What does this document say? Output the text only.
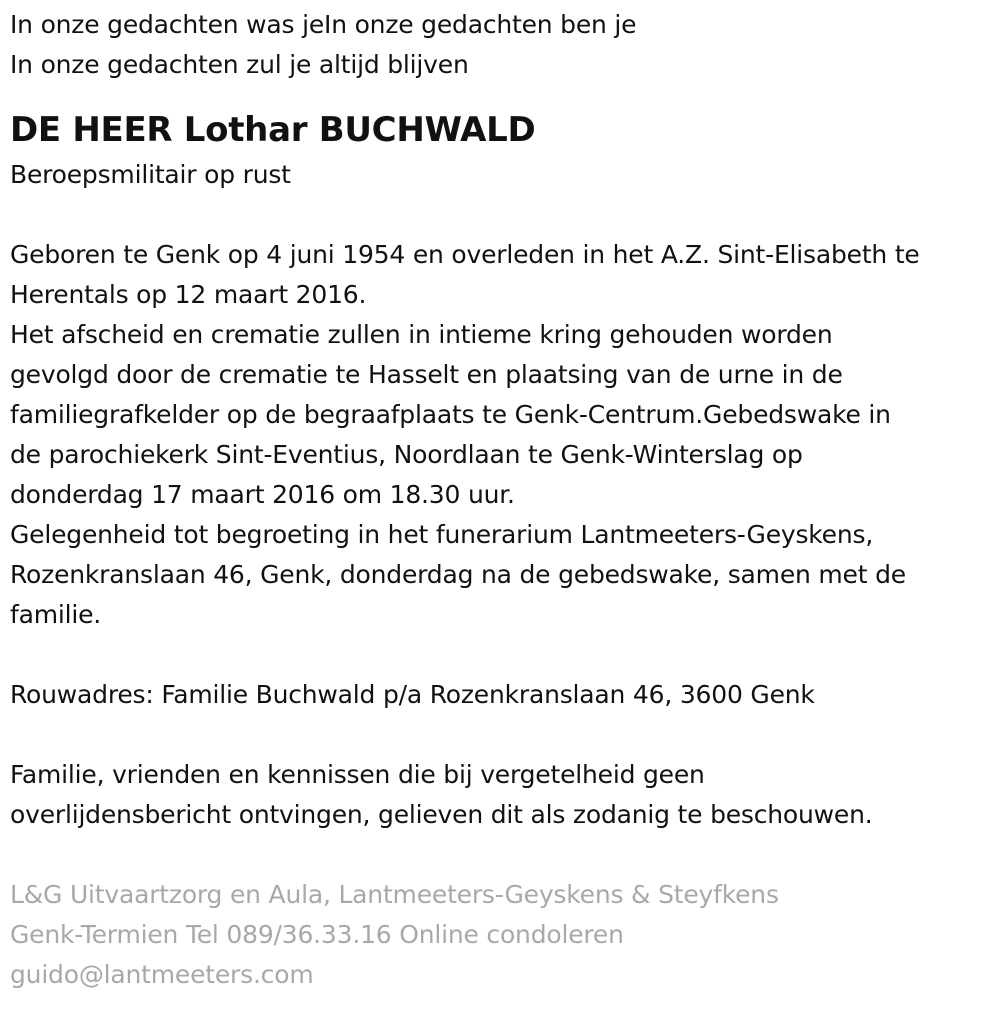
In onze gedachten was jeIn onze gedachten ben je
In onze gedachten zul je altijd blijven
DE HEER Lothar BUCHWALD
Beroepsmilitair op rust
Geboren te Genk op 4 juni 1954 en overleden in het A.Z. Sint-Elisabeth te
Herentals op 12 maart 2016.
Het afscheid en crematie zullen in intieme kring gehouden worden
gevolgd door de crematie te Hasselt en plaatsing van de urne in de
familiegrafkelder op de begraafplaats te Genk-Centrum.Gebedswake in
de parochiekerk Sint-Eventius, Noordlaan te Genk-Winterslag op
donderdag 17 maart 2016 om 18.30 uur.
Gelegenheid tot begroeting in het funerarium Lantmeeters-Geyskens,
Rozenkranslaan 46, Genk, donderdag na de gebedswake, samen met de
familie.
Rouwadres: Familie Buchwald p/a Rozenkranslaan 46, 3600 Genk
Familie, vrienden en kennissen die bij vergetelheid geen
overlijdensbericht ontvingen, gelieven dit als zodanig te beschouwen.
L&G Uitvaartzorg en Aula, Lantmeeters-Geyskens & Steyfkens
Genk-Termien Tel 089/36.33.16 Online condoleren
guido@lantmeeters.com
